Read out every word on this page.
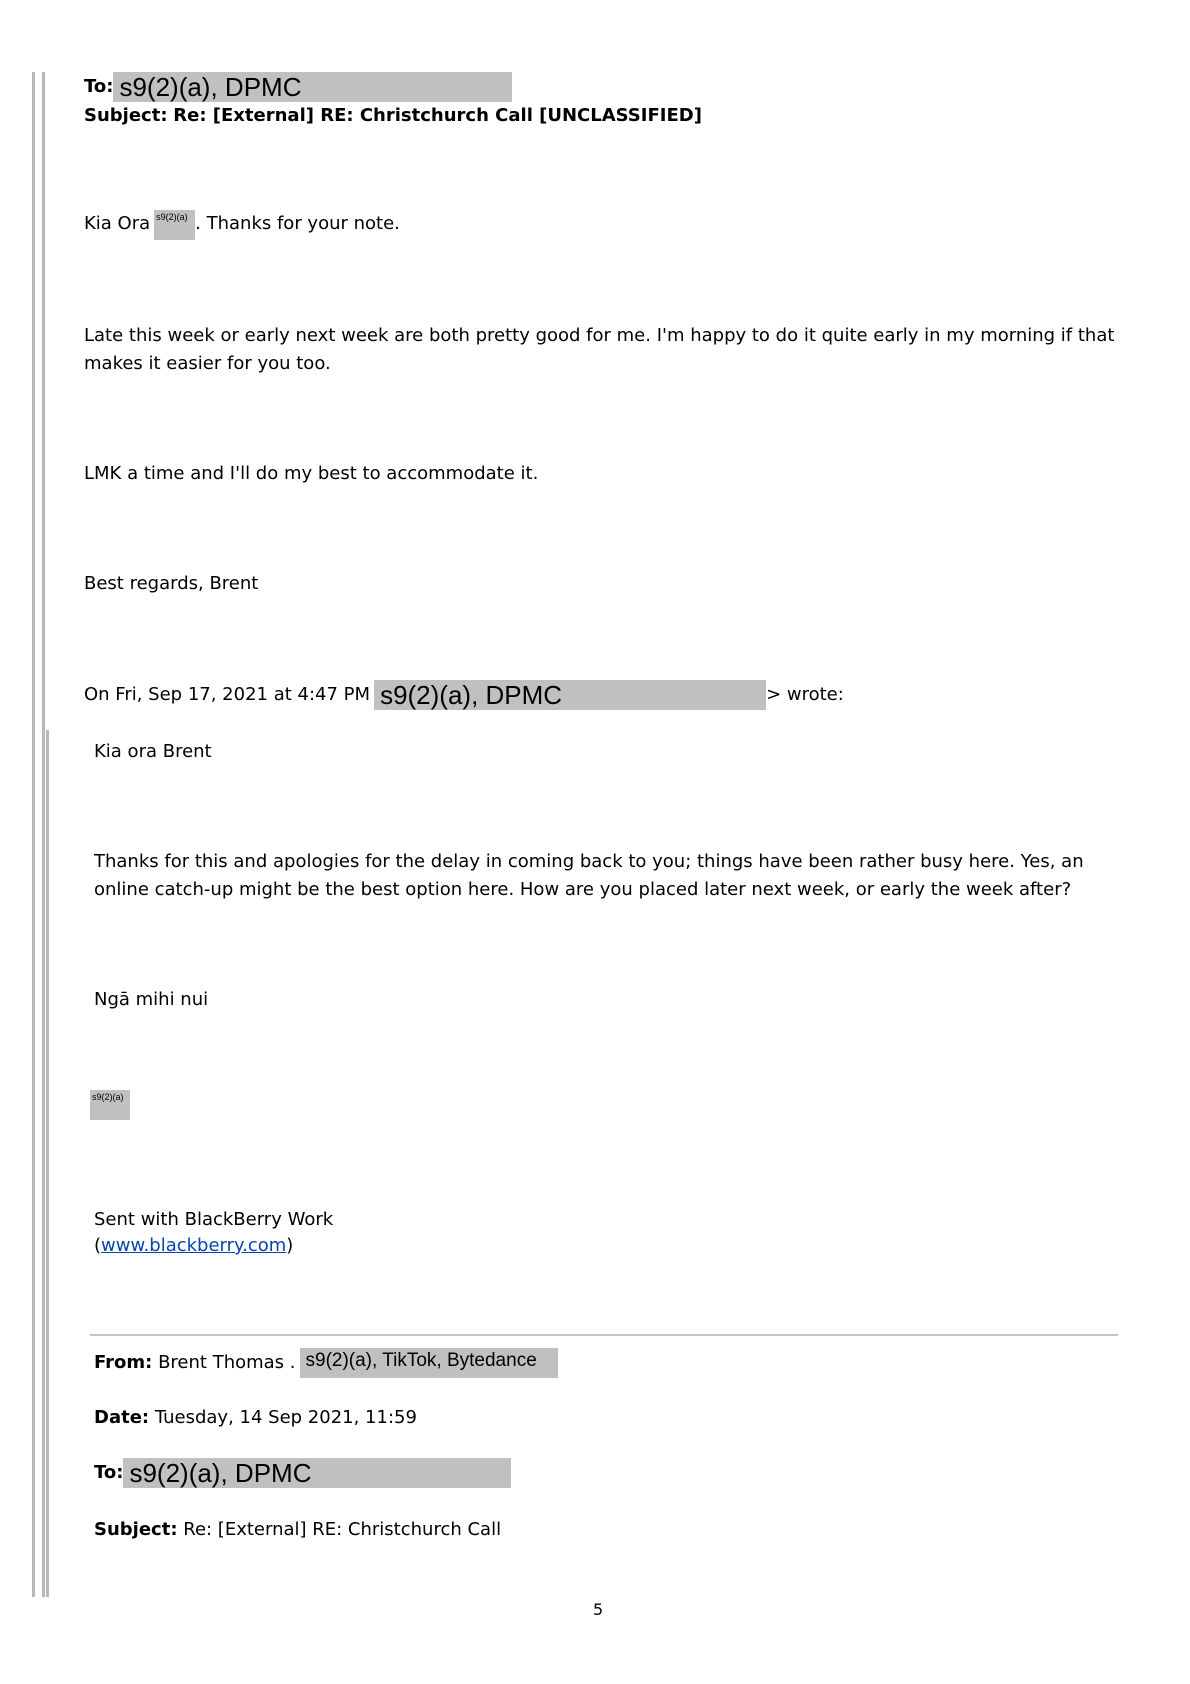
To: s9(2)(a), DPMC
Subject: Re: [External] RE: Christchurch Call [UNCLASSIFIED]
Kia Ora s9(2)(a) . Thanks for your note.
Late this week or early next week are both pretty good for me. I'm happy to do it quite early in my morning if that makes it easier for you too.
LMK a time and I'll do my best to accommodate it.
Best regards, Brent
On Fri, Sep 17, 2021 at 4:47 PM s9(2)(a), DPMC	> wrote:
Kia ora Brent
Thanks for this and apologies for the delay in coming back to you; things have been rather busy here. Yes, an online catch-up might be the best option here. How are you placed later next week, or early the week after?
Ngā mihi nui
s9(2)(a)
Sent with BlackBerry Work
(www.blackberry.com)
From: Brent Thomas . s9(2)(a), TikTok, Bytedance
Date: Tuesday, 14 Sep 2021, 11:59
To: s9(2)(a), DPMC
Subject: Re: [External] RE: Christchurch Call
5
